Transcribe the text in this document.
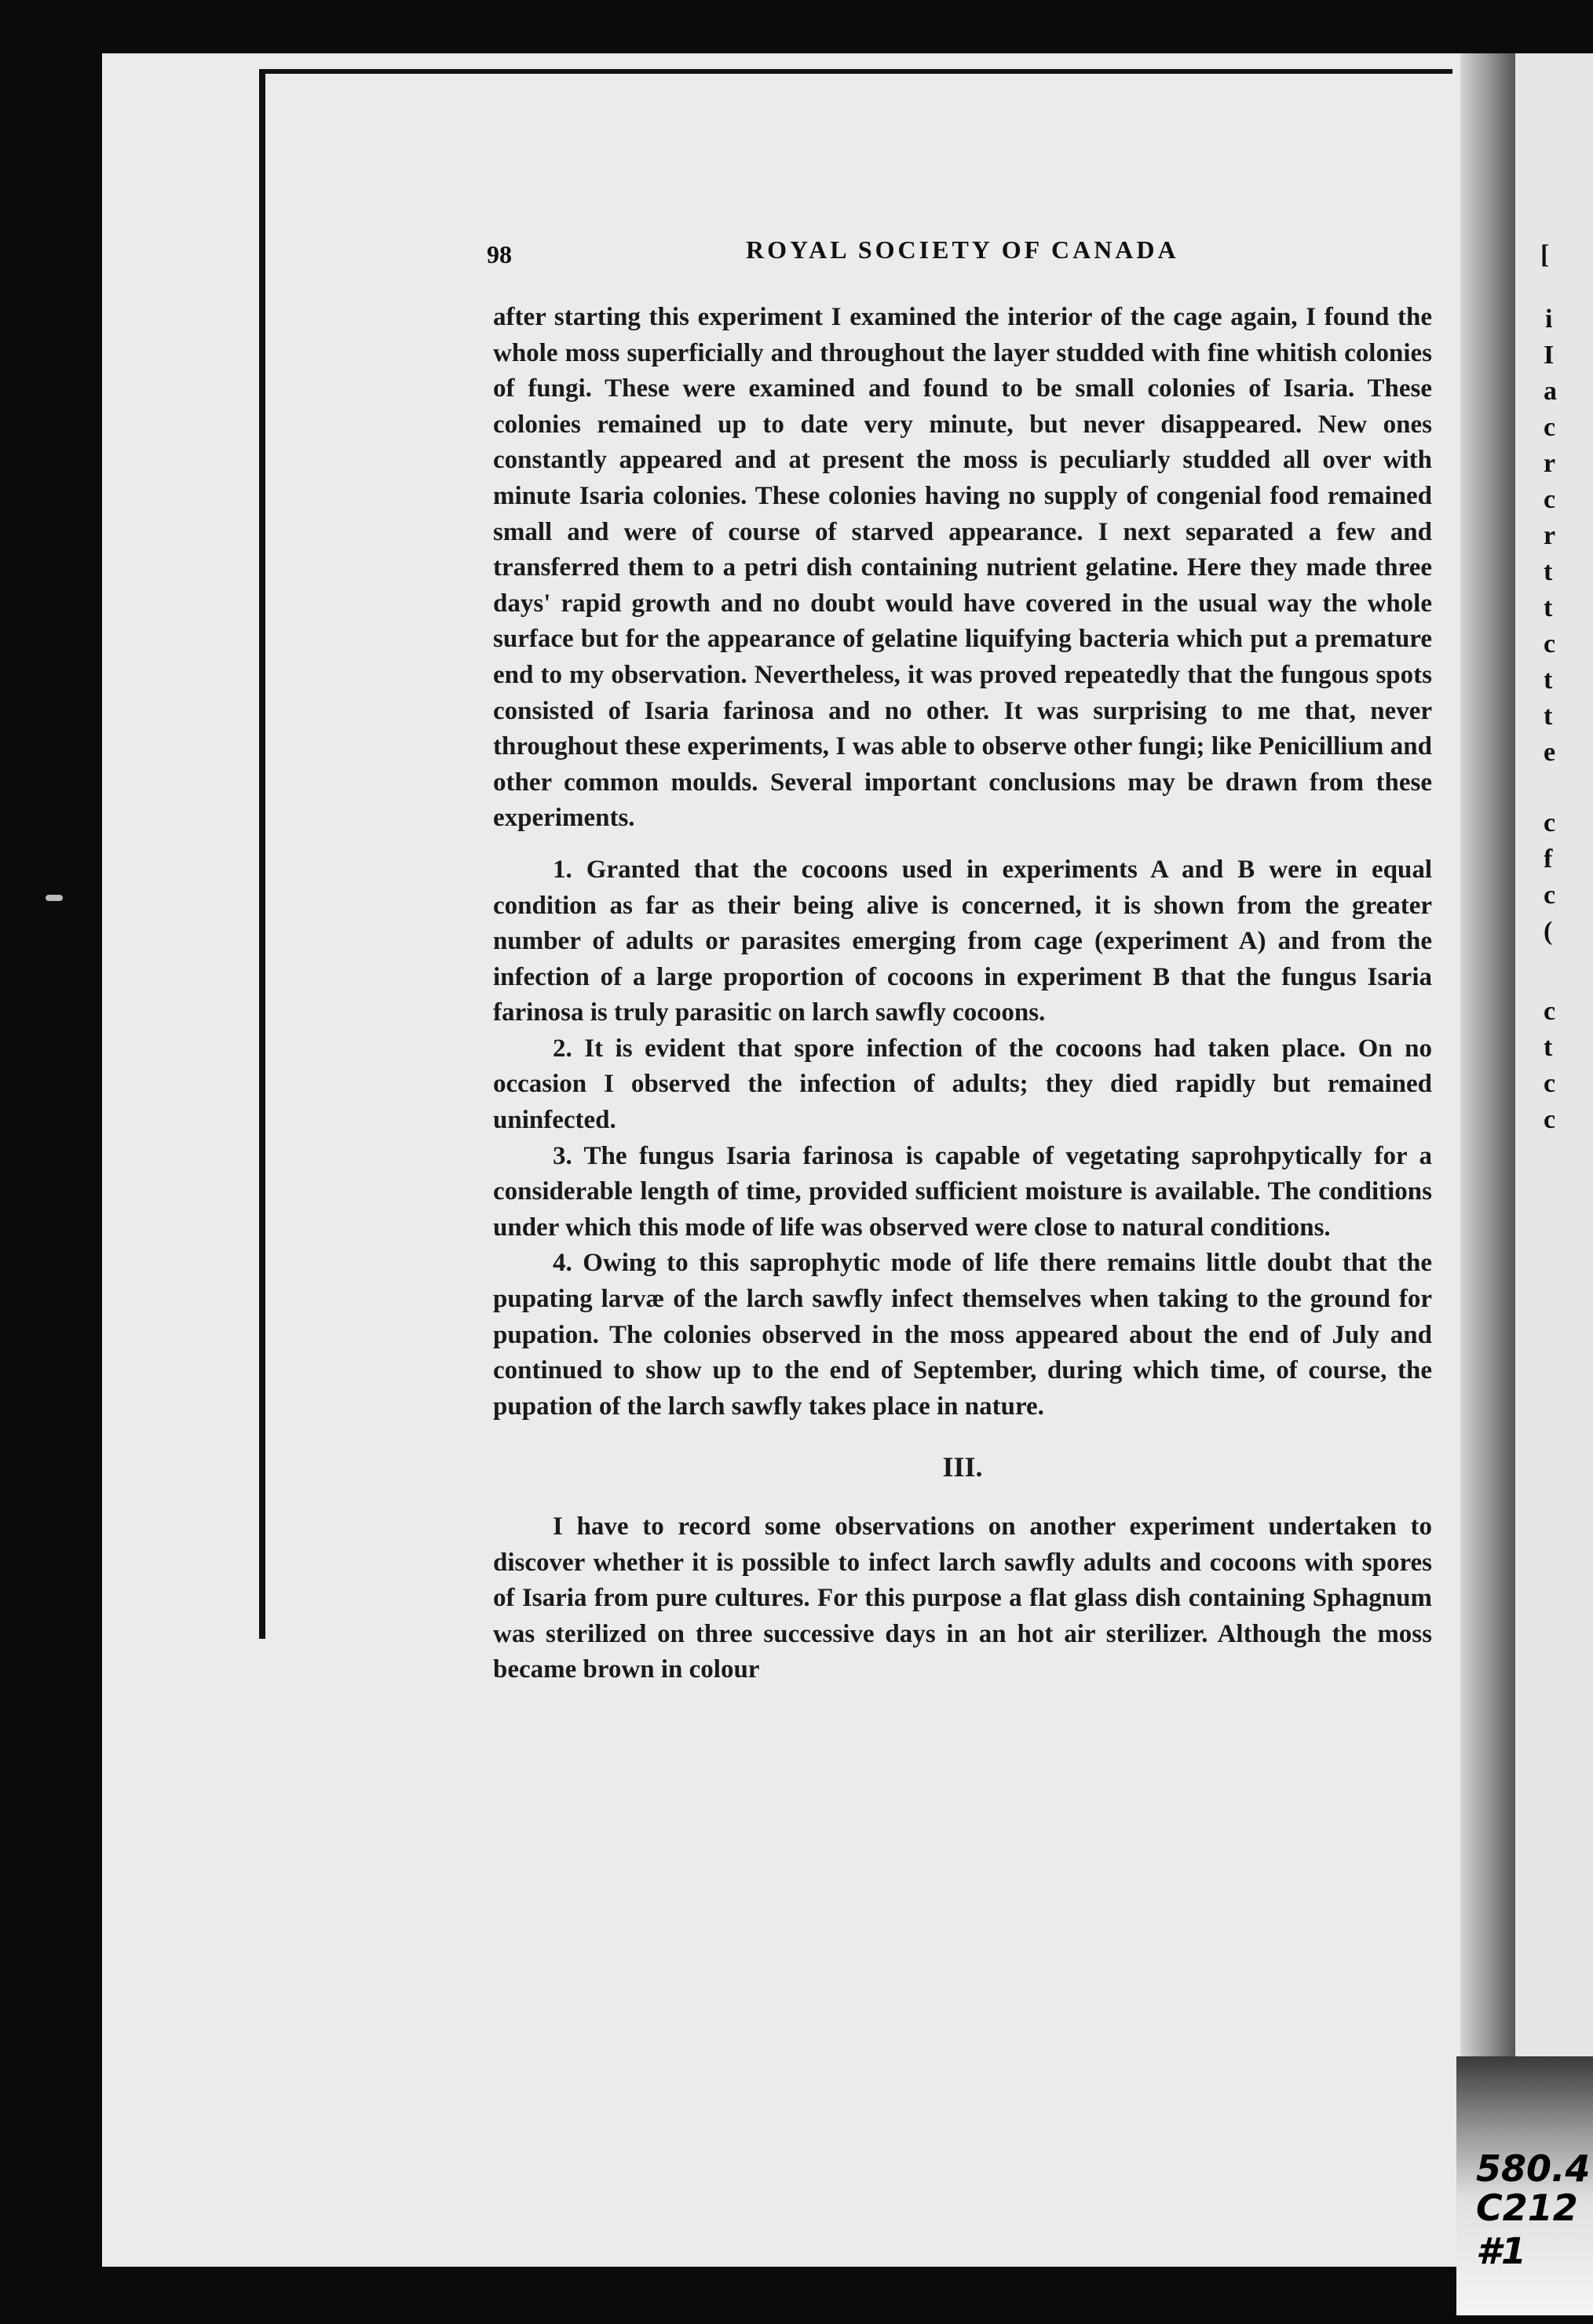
[
i
I
a
c
r
c
r
t
t
c
t
t
e
c
f
c
(
c
t
c
c
580.4
C212
#1
98	ROYAL SOCIETY OF CANADA

after starting this experiment I examined the interior of the cage again, I found the whole moss superficially and throughout the layer studded with fine whitish colonies of fungi. These were examined and found to be small colonies of Isaria. These colonies remained up to date very minute, but never disappeared. New ones constantly appeared and at present the moss is peculiarly studded all over with minute Isaria colonies. These colonies having no supply of congenial food remained small and were of course of starved appearance. I next separated a few and transferred them to a petri dish containing nutrient gelatine. Here they made three days' rapid growth and no doubt would have covered in the usual way the whole surface but for the appearance of gelatine liquifying bacteria which put a premature end to my observation. Nevertheless, it was proved repeatedly that the fungous spots consisted of Isaria farinosa and no other. It was surprising to me that, never throughout these experiments, I was able to observe other fungi; like Penicillium and other common moulds. Several important conclusions may be drawn from these experiments.

1. Granted that the cocoons used in experiments A and B were in equal condition as far as their being alive is concerned, it is shown from the greater number of adults or parasites emerging from cage (experiment A) and from the infection of a large proportion of cocoons in experiment B that the fungus Isaria farinosa is truly parasitic on larch sawfly cocoons.

2. It is evident that spore infection of the cocoons had taken place. On no occasion I observed the infection of adults; they died rapidly but remained uninfected.

3. The fungus Isaria farinosa is capable of vegetating saprohpytically for a considerable length of time, provided sufficient moisture is available. The conditions under which this mode of life was observed were close to natural conditions.

4. Owing to this saprophytic mode of life there remains little doubt that the pupating larvæ of the larch sawfly infect themselves when taking to the ground for pupation. The colonies observed in the moss appeared about the end of July and continued to show up to the end of September, during which time, of course, the pupation of the larch sawfly takes place in nature.

III.

I have to record some observations on another experiment undertaken to discover whether it is possible to infect larch sawfly adults and cocoons with spores of Isaria from pure cultures. For this purpose a flat glass dish containing Sphagnum was sterilized on three successive days in an hot air sterilizer. Although the moss became brown in colour
